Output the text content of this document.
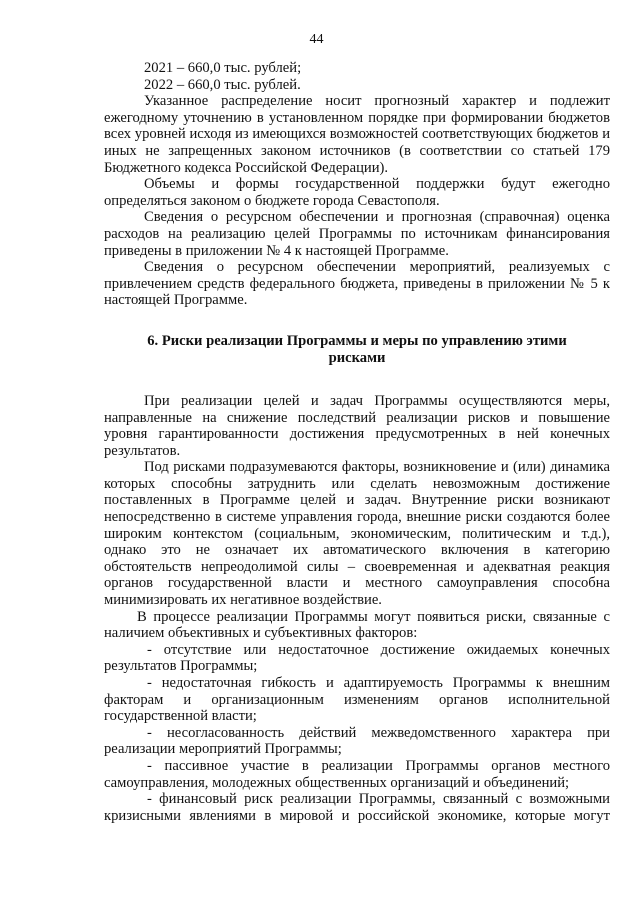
44

2021 – 660,0 тыс. рублей;

2022 – 660,0 тыс. рублей.

Указанное распределение носит прогнозный характер и подлежит ежегодному уточнению в установленном порядке при формировании бюджетов всех уровней исходя из имеющихся возможностей соответствующих бюджетов и иных не запрещенных законом источников (в соответствии со статьей 179 Бюджетного кодекса Российской Федерации).

Объемы и формы государственной поддержки будут ежегодно определяться законом о бюджете города Севастополя.

Сведения о ресурсном обеспечении и прогнозная (справочная) оценка расходов на реализацию целей Программы по источникам финансирования приведены в приложении № 4 к настоящей Программе.

Сведения о ресурсном обеспечении мероприятий, реализуемых с привлечением средств федерального бюджета, приведены в приложении № 5 к настоящей Программе.

6. Риски реализации Программы и меры по управлению этими рисками

При реализации целей и задач Программы осуществляются меры, направленные на снижение последствий реализации рисков и повышение уровня гарантированности достижения предусмотренных в ней конечных результатов.

Под рисками подразумеваются факторы, возникновение и (или) динамика которых способны затруднить или сделать невозможным достижение поставленных в Программе целей и задач. Внутренние риски возникают непосредственно в системе управления города, внешние риски создаются более широким контекстом (социальным, экономическим, политическим и т.д.), однако это не означает их автоматического включения в категорию обстоятельств непреодолимой силы – своевременная и адекватная реакция органов государственной власти и местного самоуправления способна минимизировать их негативное воздействие.

В процессе реализации Программы могут появиться риски, связанные с наличием объективных и субъективных факторов:

- отсутствие или недостаточное достижение ожидаемых конечных результатов Программы;

- недостаточная гибкость и адаптируемость Программы к внешним факторам и организационным изменениям органов исполнительной государственной власти;

- несогласованность действий межведомственного характера при реализации мероприятий Программы;

- пассивное участие в реализации Программы органов местного самоуправления, молодежных общественных организаций и объединений;

- финансовый риск реализации Программы, связанный с возможными кризисными явлениями в мировой и российской экономике, которые могут
